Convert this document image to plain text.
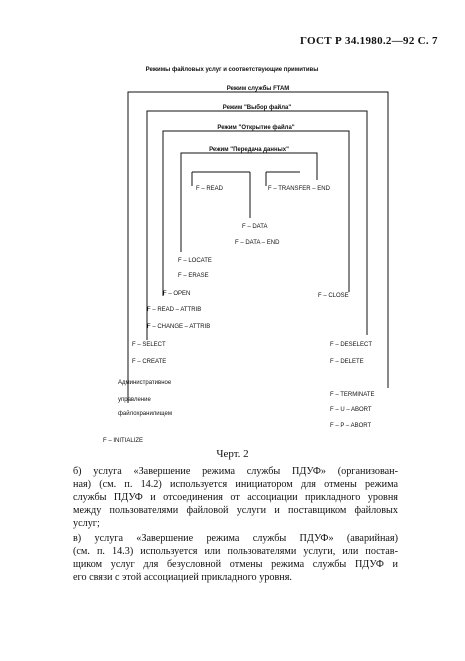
ГОСТ Р 34.1980.2—92 С. 7
Режимы файловых услуг и соответствующие примитивы
Режим службы FTAM
Режим "Выбор файла"
Режим "Открытие файла"
Режим "Передача данных"
F – READ	F – TRANSFER – END
F – DATA
F – DATA – END
F – LOCATE
F – ERASE
F – OPEN	F – CLOSE
F – READ – ATTRIB
F – CHANGE – ATTRIB
F – SELECT	F – DESELECT
F – CREATE	F – DELETE
Административное
управление
файлохранилищем
F – TERMINATE
F – U – ABORT
F – P – ABORT
F – INITIALIZE
Черт. 2

б) услуга «Завершение режима службы ПДУФ» (организован-
ная) (см. п. 14.2) используется инициатором для отмены режима
службы ПДУФ и отсоединения от ассоциации прикладного уровня
между пользователями файловой услуги и поставщиком файловых
услуг;

в) услуга «Завершение режима службы ПДУФ» (аварийная)
(см. п. 14.3) используется или пользователями услуги, или постав-
щиком услуг для безусловной отмены режима службы ПДУФ и
его связи с этой ассоциацией прикладного уровня.
